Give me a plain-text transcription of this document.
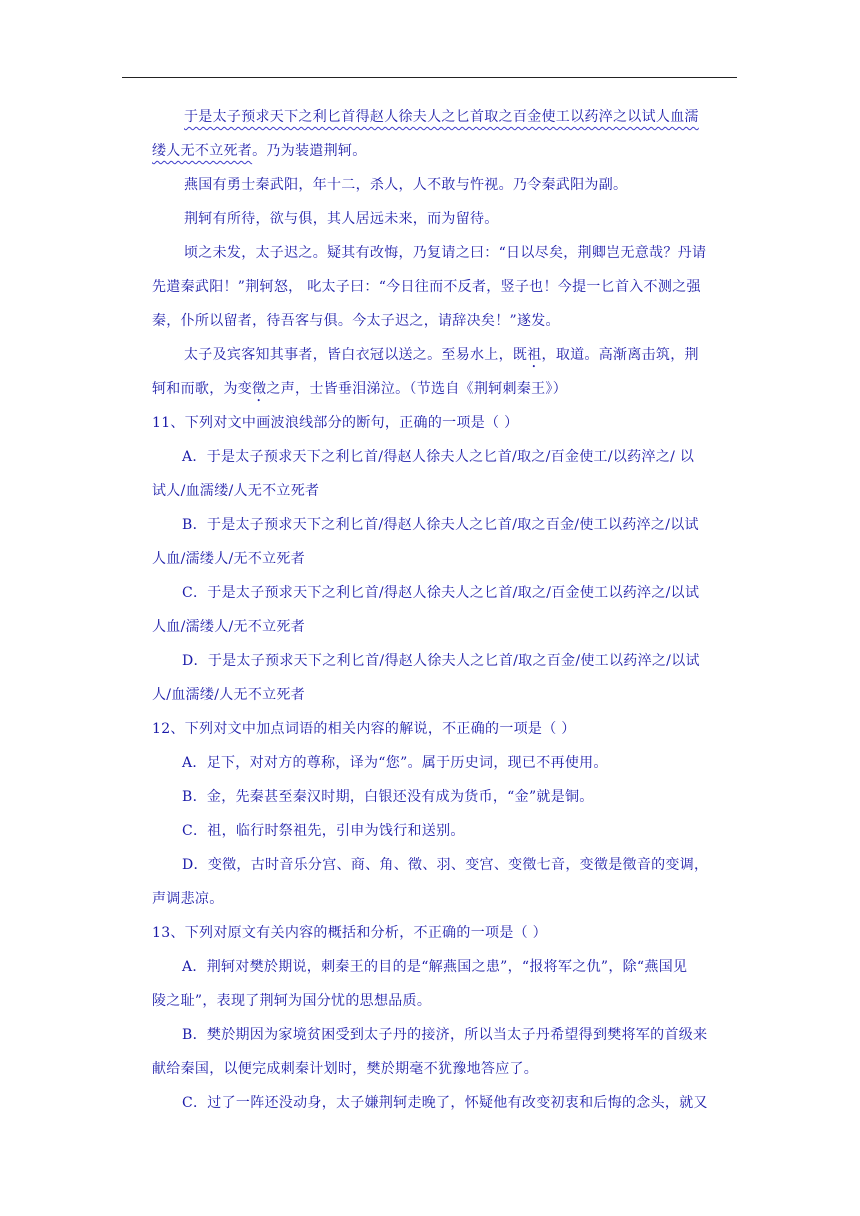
于是太子预求天下之利匕首得赵人徐夫人之匕首取之百金使工以药淬之以试人血濡

缕人无不立死者。乃为装遣荆轲。

燕国有勇士秦武阳，年十二，杀人，人不敢与忤视。乃令秦武阳为副。

荆轲有所待，欲与俱，其人居远未来，而为留待。

顷之未发，太子迟之。疑其有改悔，乃复请之曰：“日以尽矣，荆卿岂无意哉？丹请

先遣秦武阳！”荆轲怒， 叱太子曰：“今日往而不反者，竖子也！今提一匕首入不测之强

秦，仆所以留者，待吾客与俱。今太子迟之，请辞决矣！”遂发。

太子及宾客知其事者，皆白衣冠以送之。至易水上，既祖，取道。高渐离击筑，荆

轲和而歌，为变徵之声，士皆垂泪涕泣。（节选自《荆轲刺秦王》）

11、下列对文中画波浪线部分的断句，正确的一项是（ ）

A．于是太子预求天下之利匕首/得赵人徐夫人之匕首/取之/百金使工/以药淬之/ 以

试人/血濡缕/人无不立死者

B．于是太子预求天下之利匕首/得赵人徐夫人之匕首/取之百金/使工以药淬之/以试

人血/濡缕人/无不立死者

C．于是太子预求天下之利匕首/得赵人徐夫人之匕首/取之/百金使工以药淬之/以试

人血/濡缕人/无不立死者

D．于是太子预求天下之利匕首/得赵人徐夫人之匕首/取之百金/使工以药淬之/以试

人/血濡缕/人无不立死者

12、下列对文中加点词语的相关内容的解说，不正确的一项是（ ）

A．足下，对对方的尊称，译为“您”。属于历史词，现已不再使用。

B．金，先秦甚至秦汉时期，白银还没有成为货币，“金”就是铜。

C．祖，临行时祭祖先，引申为饯行和送别。

D．变徵，古时音乐分宫、商、角、徵、羽、变宫、变徵七音，变徵是徵音的变调，

声调悲凉。

13、下列对原文有关内容的概括和分析，不正确的一项是（ ）

A．荆轲对樊於期说，刺秦王的目的是“解燕国之患”，“报将军之仇”，除“燕国见

陵之耻”，表现了荆轲为国分忧的思想品质。

B．樊於期因为家境贫困受到太子丹的接济，所以当太子丹希望得到樊将军的首级来

献给秦国，以便完成刺秦计划时，樊於期毫不犹豫地答应了。

C．过了一阵还没动身，太子嫌荆轲走晚了，怀疑他有改变初衷和后悔的念头，就又
